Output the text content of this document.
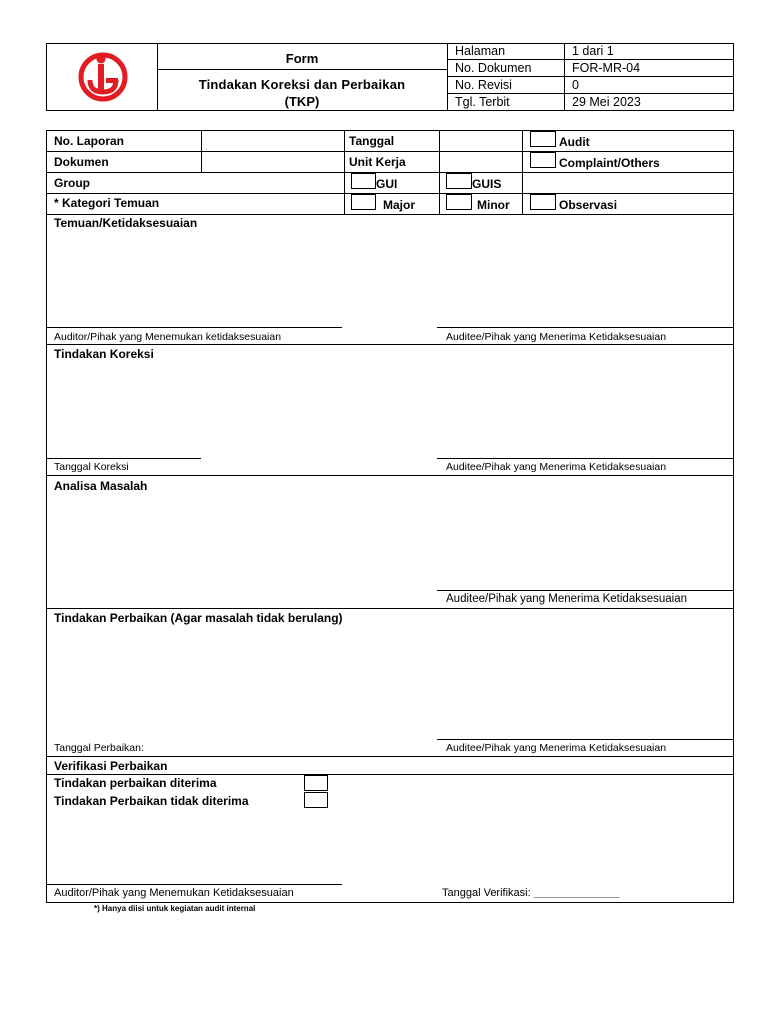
Form
Tindakan Koreksi dan Perbaikan
(TKP)
Halaman	1 dari 1
No. Dokumen	FOR-MR-04
No. Revisi	0
Tgl. Terbit	29 Mei 2023
No. Laporan	Tanggal	Audit
Dokumen	Unit Kerja	Complaint/Others
Group	GUI	GUIS
* Kategori Temuan	Major	Minor	Observasi
Temuan/Ketidaksesuaian
Auditor/Pihak yang Menemukan ketidaksesuaian	Auditee/Pihak yang Menerima Ketidaksesuaian
Tindakan Koreksi
Tanggal Koreksi	Auditee/Pihak yang Menerima Ketidaksesuaian
Analisa Masalah
Auditee/Pihak yang Menerima Ketidaksesuaian
Tindakan Perbaikan (Agar masalah tidak berulang)
Tanggal Perbaikan:	Auditee/Pihak yang Menerima Ketidaksesuaian
Verifikasi Perbaikan
Tindakan perbaikan diterima
Tindakan Perbaikan tidak diterima
Auditor/Pihak yang Menemukan Ketidaksesuaian	Tanggal Verifikasi: ______________
*) Hanya diisi untuk kegiatan audit internal
